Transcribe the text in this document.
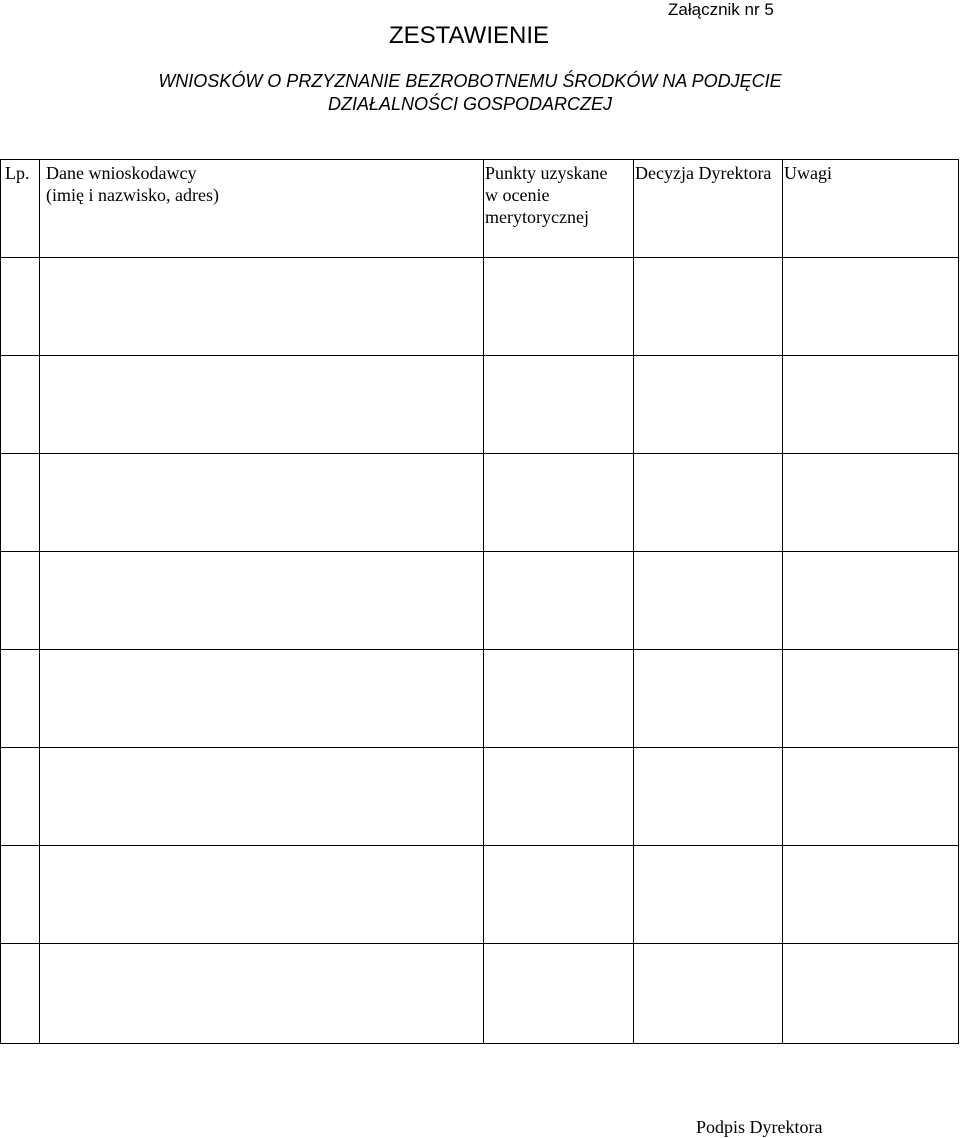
Załącznik nr 5
ZESTAWIENIE
WNIOSKÓW O PRZYZNANIE BEZROBOTNEMU ŚRODKÓW NA PODJĘCIE
DZIAŁALNOŚCI GOSPODARCZEJ
Lp. Dane wnioskodawcy
(imię i nazwisko, adres)
Punkty uzyskane
w ocenie
merytorycznej
Decyzja Dyrektora Uwagi
Podpis Dyrektora
